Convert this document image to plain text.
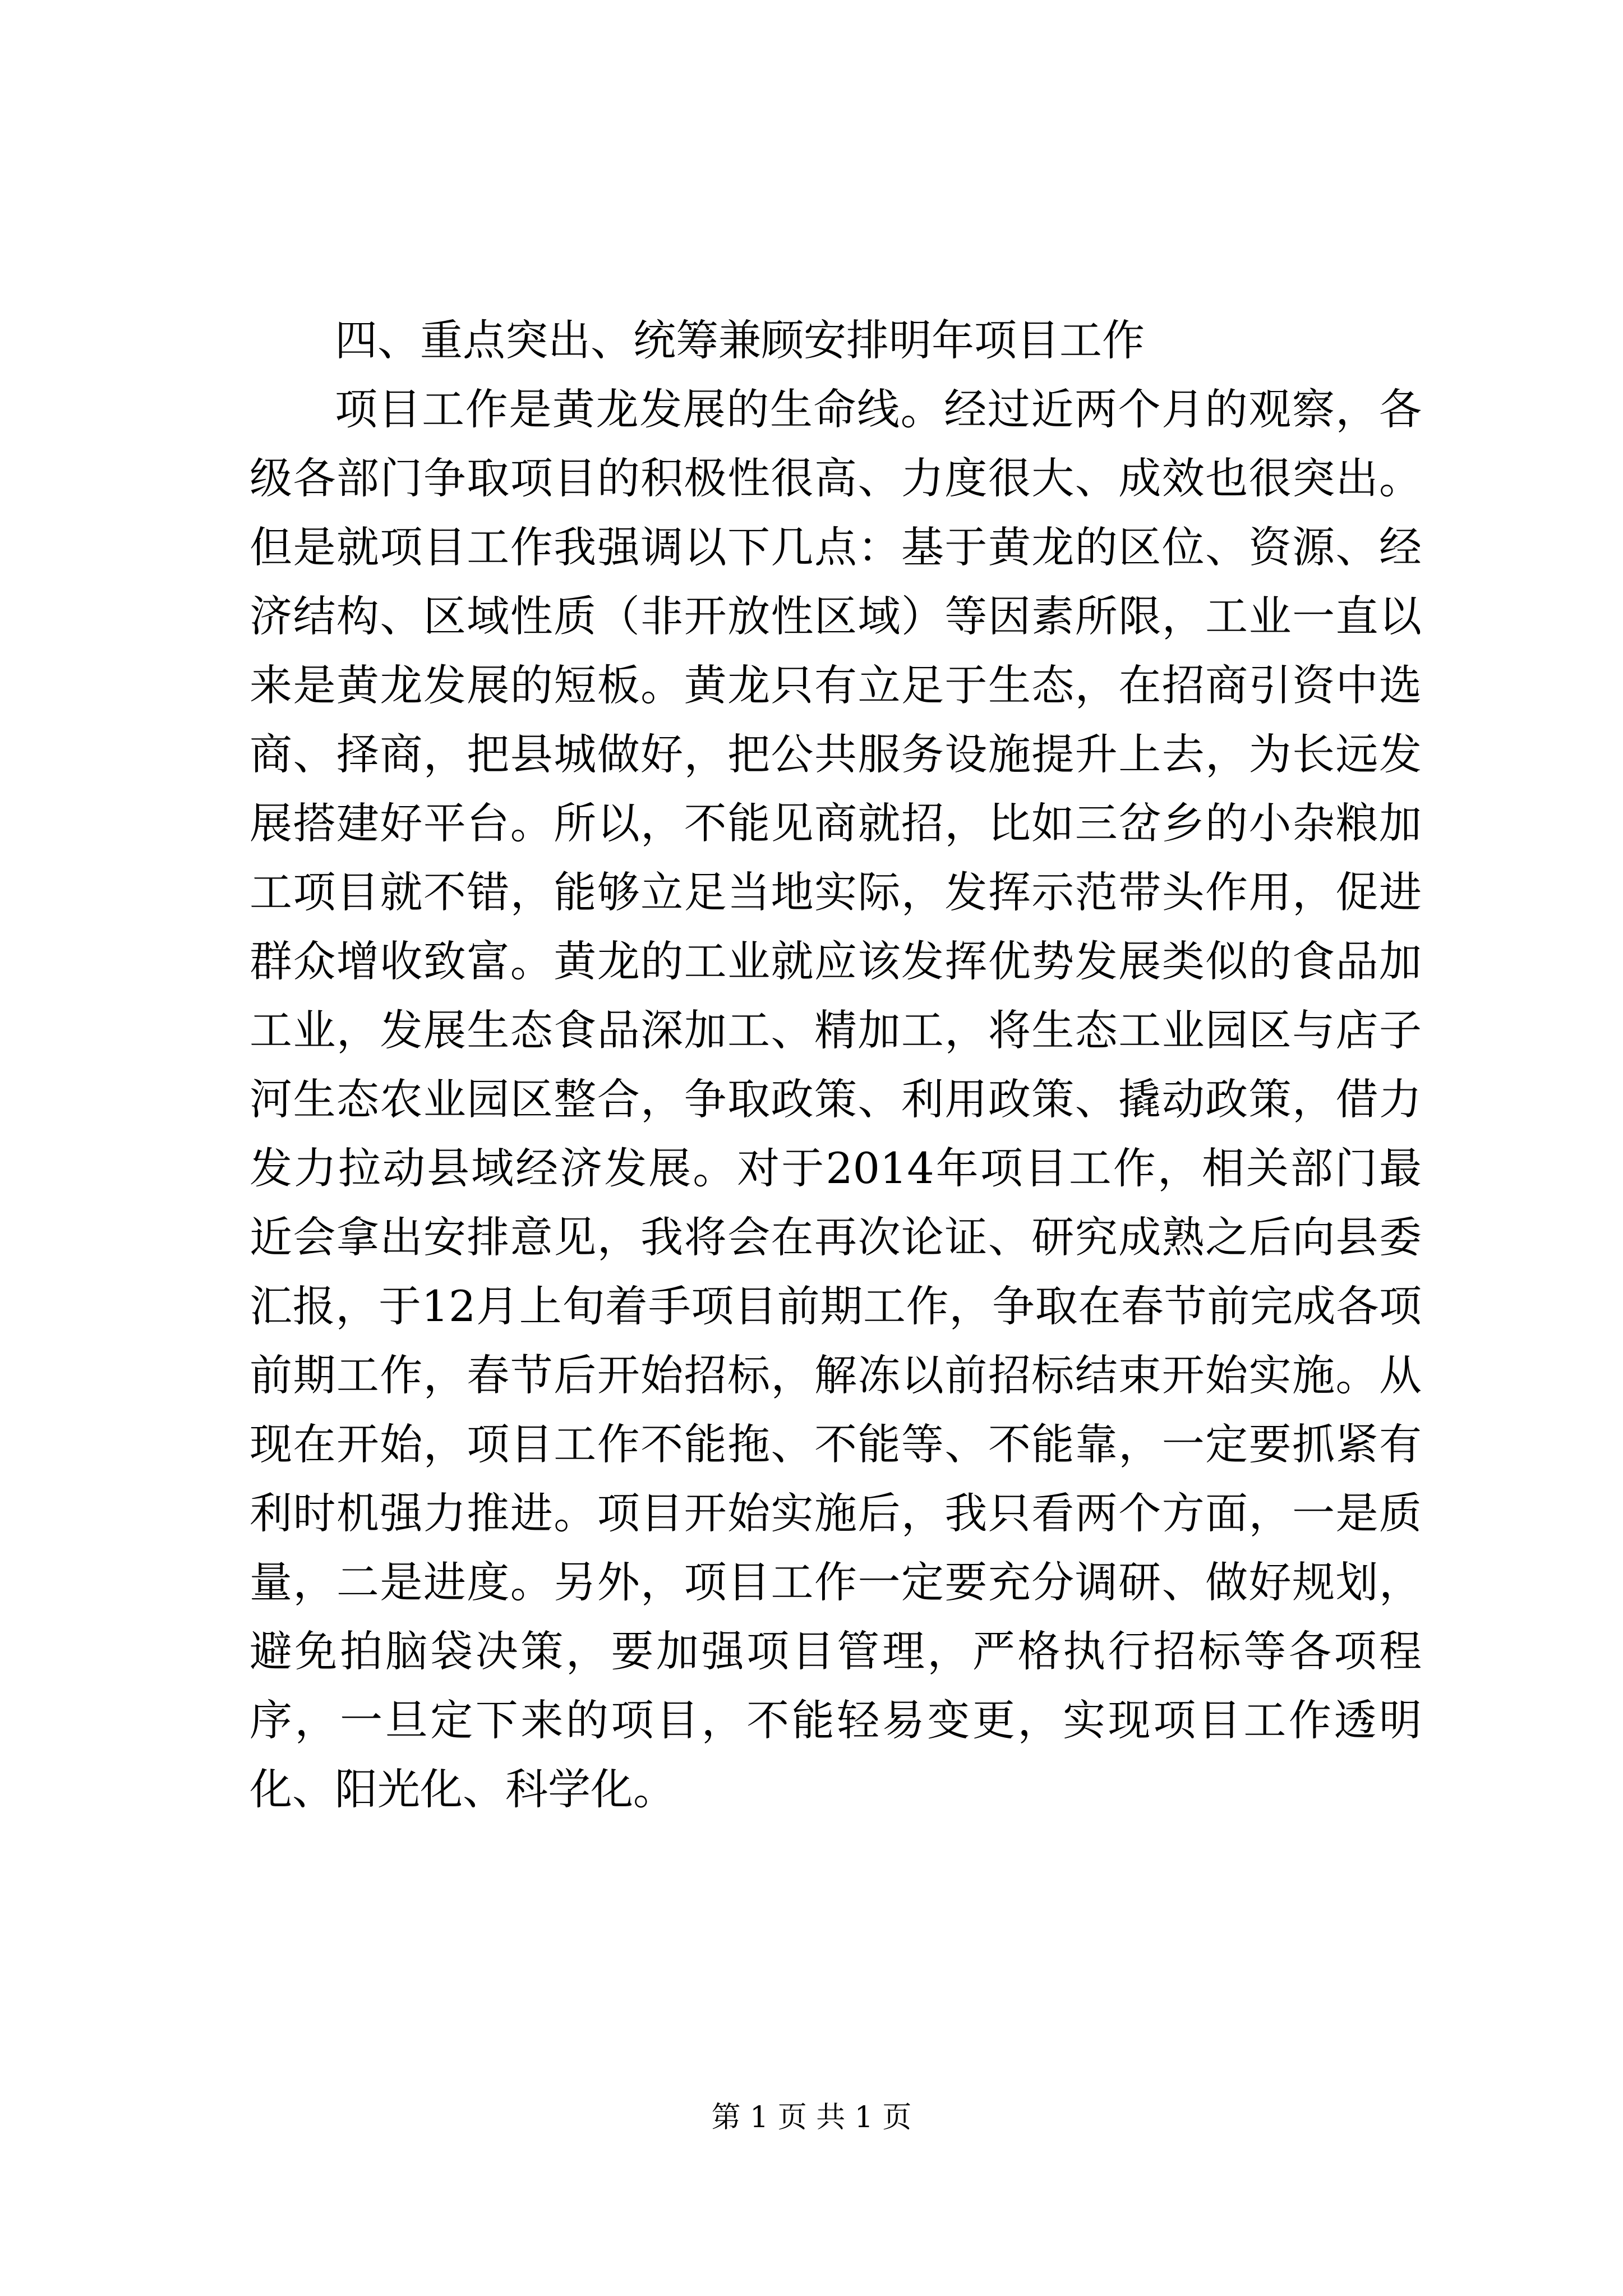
四、重点突出、统筹兼顾安排明年项目工作

项目工作是黄龙发展的生命线。经过近两个月的观察，各级各部门争取项目的积极性很高、力度很大、成效也很突出。但是就项目工作我强调以下几点：基于黄龙的区位、资源、经济结构、区域性质（非开放性区域）等因素所限，工业一直以来是黄龙发展的短板。黄龙只有立足于生态，在招商引资中选商、择商，把县城做好，把公共服务设施提升上去，为长远发展搭建好平台。所以，不能见商就招，比如三岔乡的小杂粮加工项目就不错，能够立足当地实际，发挥示范带头作用，促进群众增收致富。黄龙的工业就应该发挥优势发展类似的食品加工业，发展生态食品深加工、精加工，将生态工业园区与店子河生态农业园区整合，争取政策、利用政策、撬动政策，借力发力拉动县域经济发展。对于2014年项目工作，相关部门最近会拿出安排意见，我将会在再次论证、研究成熟之后向县委汇报，于12月上旬着手项目前期工作，争取在春节前完成各项前期工作，春节后开始招标，解冻以前招标结束开始实施。从现在开始，项目工作不能拖、不能等、不能靠，一定要抓紧有利时机强力推进。项目开始实施后，我只看两个方面，一是质量，二是进度。另外，项目工作一定要充分调研、做好规划，避免拍脑袋决策，要加强项目管理，严格执行招标等各项程序，一旦定下来的项目，不能轻易变更，实现项目工作透明化、阳光化、科学化。

第 1 页 共 1 页
